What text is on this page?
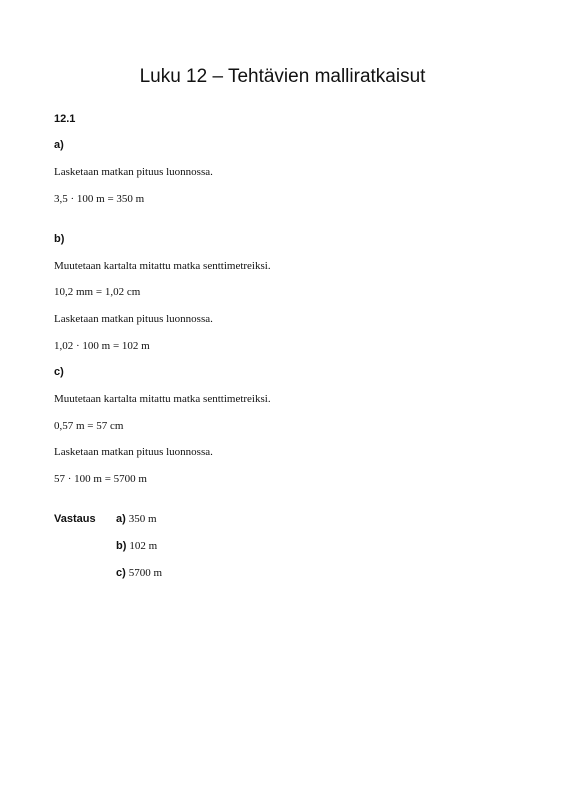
Luku 12 – Tehtävien malliratkaisut
12.1
a)
Lasketaan matkan pituus luonnossa.
3,5 · 100 m = 350 m
b)
Muutetaan kartalta mitattu matka senttimetreiksi.
10,2 mm = 1,02 cm
Lasketaan matkan pituus luonnossa.
1,02 · 100 m = 102 m
c)
Muutetaan kartalta mitattu matka senttimetreiksi.
0,57 m = 57 cm
Lasketaan matkan pituus luonnossa.
57 · 100 m = 5700 m
Vastaus a) 350 m
b) 102 m
c) 5700 m
